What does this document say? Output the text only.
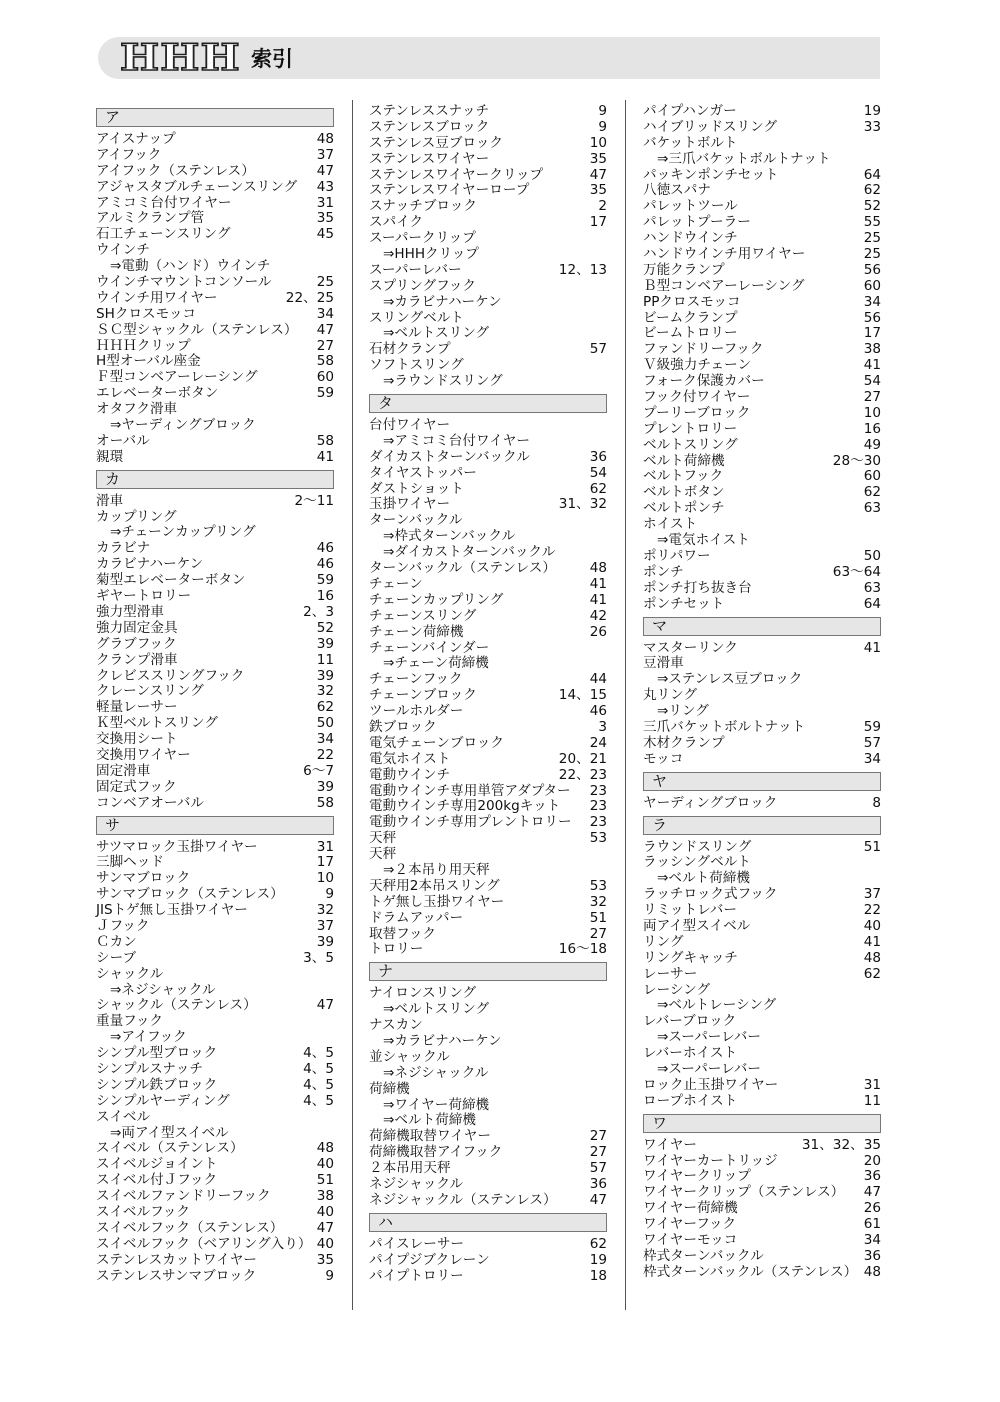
HHH 索引
ア
アイスナップ	48
アイフック	37
アイフック（ステンレス）	47
アジャスタブルチェーンスリング 43
アミコミ台付ワイヤー	31
アルミクランプ管	35
石工チェーンスリング	45
ウインチ
⇒電動（ハンド）ウインチ
ウインチマウントコンソール	25
ウインチ用ワイヤー	22、25
SHクロスモッコ	34
ＳＣ型シャックル（ステンレス） 47
ＨＨＨクリップ	27
H型オーバル座金	58
Ｆ型コンベアーレーシング	60
エレベーターボタン	59
オタフク滑車
⇒ヤーディングブロック
オーバル	58
親環	41
カ
滑車	2～11
カップリング
⇒チェーンカップリング
カラビナ	46
カラビナハーケン	46
菊型エレベーターボタン	59
ギヤートロリー	16
強力型滑車	2、3
強力固定金具	52
グラブフック	39
クランプ滑車	11
クレビススリングフック	39
クレーンスリング	32
軽量レーサー	62
Ｋ型ベルトスリング	50
交換用シート	34
交換用ワイヤー	22
固定滑車	6～7
固定式フック	39
コンベアオーバル	58
サ
サツマロック玉掛ワイヤー	31
三脚ヘッド	17
サンマブロック	10
サンマブロック（ステンレス）	9
JISトゲ無し玉掛ワイヤー	32
Ｊフック	37
Ｃカン	39
シーブ	3、5
シャックル
⇒ネジシャックル
シャックル（ステンレス）	47
重量フック
⇒アイフック
シンプル型ブロック	4、5
シンプルスナッチ	4、5
シンプル鉄ブロック	4、5
シンプルヤーディング	4、5
スイベル
⇒両アイ型スイベル
スイベル（ステンレス）	48
スイベルジョイント	40
スイベル付Ｊフック	51
スイベルファンドリーフック	38
スイベルフック	40
スイベルフック（ステンレス） 47
スイベルフック（ベアリング入り） 40
ステンレスカットワイヤー	35
ステンレスサンマブロック	9
ステンレススナッチ	9
ステンレスブロック	9
ステンレス豆ブロック	10
ステンレスワイヤー	35
ステンレスワイヤークリップ	47
ステンレスワイヤーロープ	35
スナッチブロック	2
スパイク	17
スーパークリップ
⇒HHHクリップ
スーパーレバー	12、13
スプリングフック
⇒カラビナハーケン
スリングベルト
⇒ベルトスリング
石材クランプ	57
ソフトスリング
⇒ラウンドスリング
タ
台付ワイヤー
⇒アミコミ台付ワイヤー
ダイカストターンバックル	36
タイヤストッパー	54
ダストショット	62
玉掛ワイヤー	31、32
ターンバックル
⇒枠式ターンバックル
⇒ダイカストターンバックル
ターンバックル（ステンレス） 48
チェーン	41
チェーンカップリング	41
チェーンスリング	42
チェーン荷締機	26
チェーンバインダー
⇒チェーン荷締機
チェーンフック	44
チェーンブロック	14、15
ツールホルダー	46
鉄ブロック	3
電気チェーンブロック	24
電気ホイスト	20、21
電動ウインチ	22、23
電動ウインチ専用単管アダプター 23
電動ウインチ専用200kgキット 23
電動ウインチ専用プレントロリー 23
天秤	53
天秤
⇒２本吊り用天秤
天秤用2本吊スリング	53
トゲ無し玉掛ワイヤー	32
ドラムアッパー	51
取替フック	27
トロリー	16～18
ナ
ナイロンスリング
⇒ベルトスリング
ナスカン
⇒カラビナハーケン
並シャックル
⇒ネジシャックル
荷締機
⇒ワイヤー荷締機
⇒ベルト荷締機
荷締機取替ワイヤー	27
荷締機取替アイフック	27
２本吊用天秤	57
ネジシャックル	36
ネジシャックル（ステンレス） 47
ハ
パイスレーサー	62
パイプジブクレーン	19
パイプトロリー	18
パイプハンガー	19
ハイブリッドスリング	33
バケットボルト
⇒三爪バケットボルトナット
パッキンポンチセット	64
八徳スパナ	62
パレットツール	52
パレットプーラー	55
ハンドウインチ	25
ハンドウインチ用ワイヤー	25
万能クランプ	56
Ｂ型コンベアーレーシング	60
PPクロスモッコ	34
ビームクランプ	56
ビームトロリー	17
ファンドリーフック	38
Ｖ級強力チェーン	41
フォーク保護カバー	54
フック付ワイヤー	27
プーリーブロック	10
プレントロリー	16
ベルトスリング	49
ベルト荷締機	28～30
ベルトフック	60
ベルトボタン	62
ベルトポンチ	63
ホイスト
⇒電気ホイスト
ポリパワー	50
ポンチ	63～64
ポンチ打ち抜き台	63
ポンチセット	64
マ
マスターリンク	41
豆滑車
⇒ステンレス豆ブロック
丸リング
⇒リング
三爪バケットボルトナット	59
木材クランプ	57
モッコ	34
ヤ
ヤーディングブロック	8
ラ
ラウンドスリング	51
ラッシングベルト
⇒ベルト荷締機
ラッチロック式フック	37
リミットレバー	22
両アイ型スイベル	40
リング	41
リングキャッチ	48
レーサー	62
レーシング
⇒ベルトレーシング
レバーブロック
⇒スーパーレバー
レバーホイスト
⇒スーパーレバー
ロック止玉掛ワイヤー	31
ロープホイスト	11
ワ
ワイヤー	31、32、35
ワイヤーカートリッジ	20
ワイヤークリップ	36
ワイヤークリップ（ステンレス） 47
ワイヤー荷締機	26
ワイヤーフック	61
ワイヤーモッコ	34
枠式ターンバックル	36
枠式ターンバックル（ステンレス） 48
